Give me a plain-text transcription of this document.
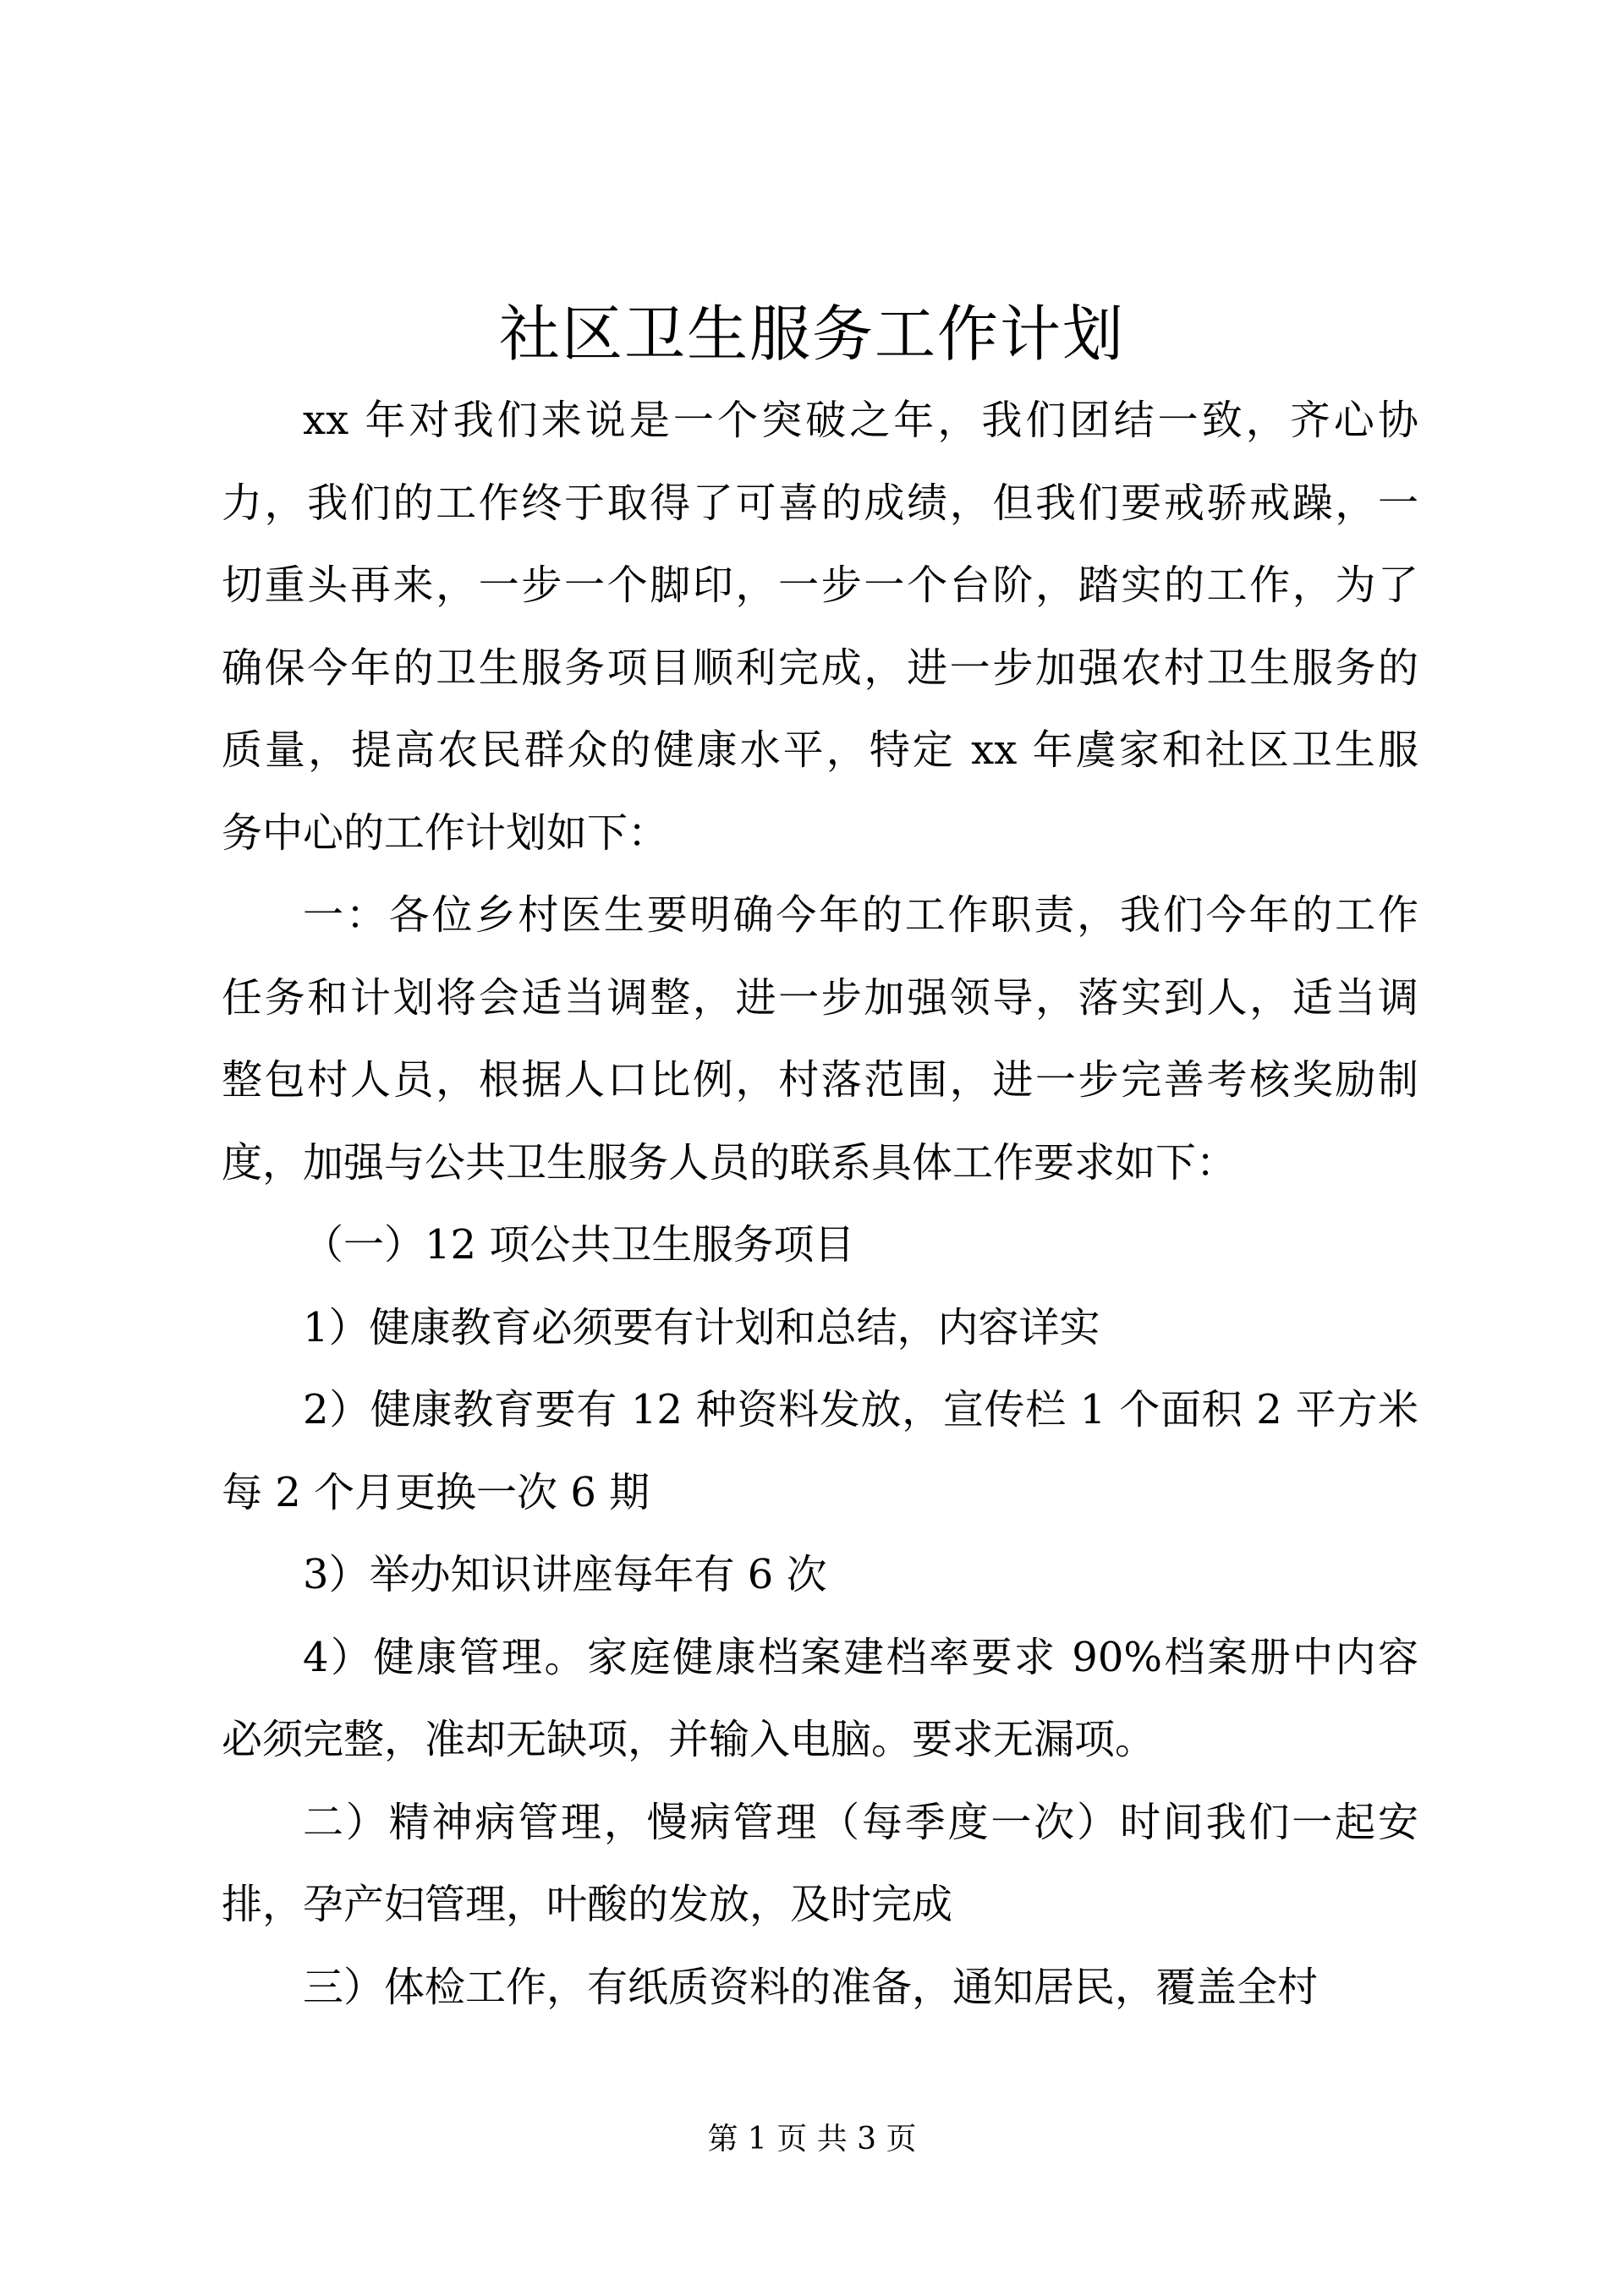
社区卫生服务工作计划
xx 年对我们来说是一个突破之年，我们团结一致，齐心协
力，我们的工作终于取得了可喜的成绩，但我们要戒骄戒躁，一
切重头再来，一步一个脚印，一步一个台阶，踏实的工作，为了
确保今年的卫生服务项目顺利完成，进一步加强农村卫生服务的
质量，提高农民群众的健康水平，特定 xx 年虞家和社区卫生服
务中心的工作计划如下：
一：各位乡村医生要明确今年的工作职责，我们今年的工作
任务和计划将会适当调整，进一步加强领导，落实到人，适当调
整包村人员，根据人口比例，村落范围，进一步完善考核奖励制
度，加强与公共卫生服务人员的联系具体工作要求如下：
（一）12 项公共卫生服务项目
1）健康教育必须要有计划和总结，内容详实
2）健康教育要有 12 种资料发放，宣传栏 1 个面积 2 平方米
每 2 个月更换一次 6 期
3）举办知识讲座每年有 6 次
4）健康管理。家庭健康档案建档率要求 90%档案册中内容
必须完整，准却无缺项，并输入电脑。要求无漏项。
二）精神病管理，慢病管理（每季度一次）时间我们一起安
排，孕产妇管理，叶酸的发放，及时完成
三）体检工作，有纸质资料的准备，通知居民，覆盖全村
第 1 页 共 3 页
